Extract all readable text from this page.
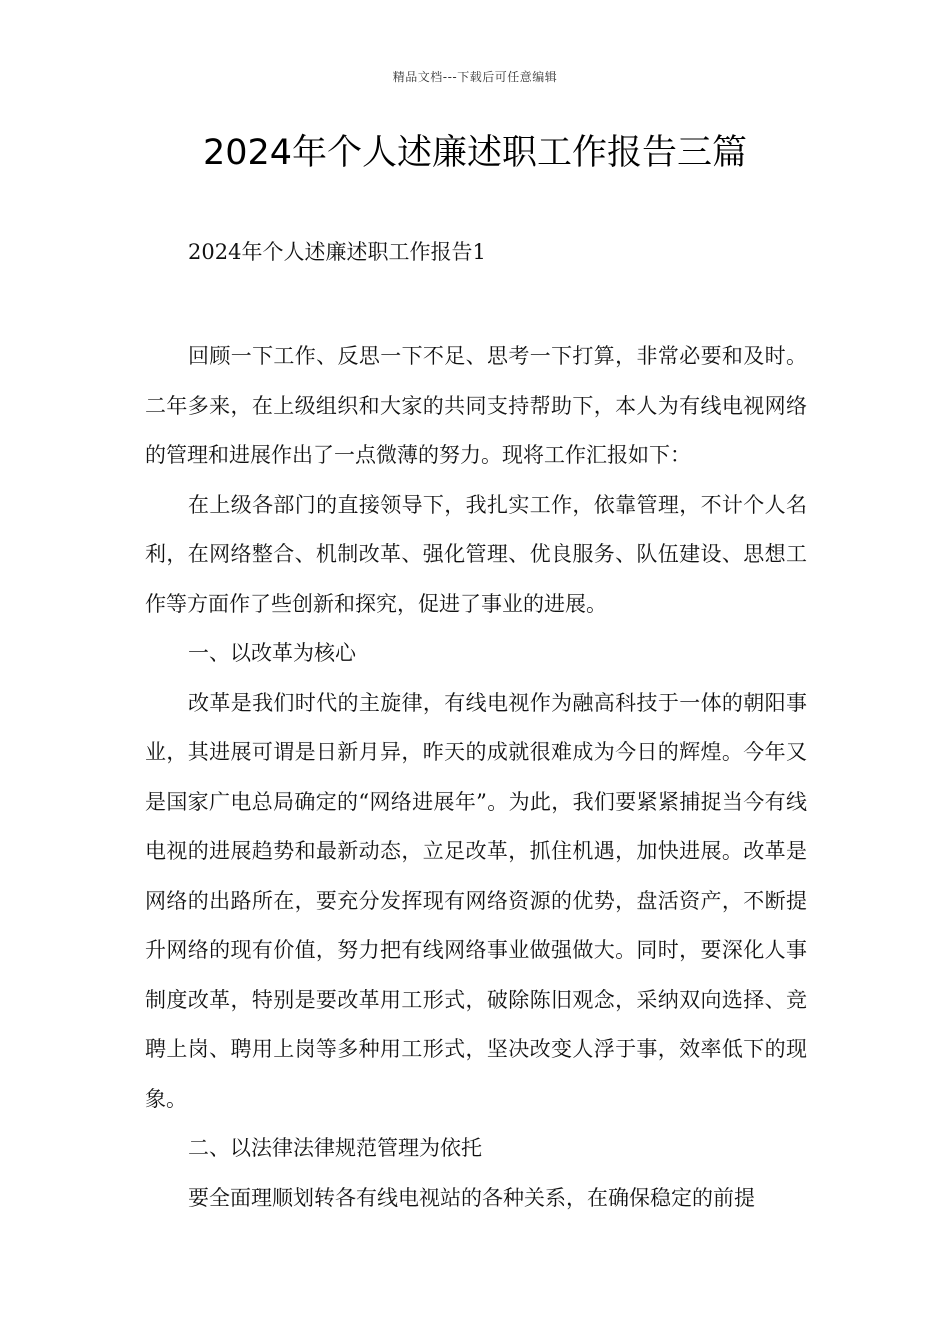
精品文档---下载后可任意编辑
2024年个人述廉述职工作报告三篇
2024年个人述廉述职工作报告1

回顾一下工作、反思一下不足、思考一下打算，非常必要和及时。二年多来，在上级组织和大家的共同支持帮助下，本人为有线电视网络的管理和进展作出了一点微薄的努力。现将工作汇报如下：

在上级各部门的直接领导下，我扎实工作，依靠管理，不计个人名利，在网络整合、机制改革、强化管理、优良服务、队伍建设、思想工作等方面作了些创新和探究，促进了事业的进展。

一、以改革为核心

改革是我们时代的主旋律，有线电视作为融高科技于一体的朝阳事业，其进展可谓是日新月异，昨天的成就很难成为今日的辉煌。今年又是国家广电总局确定的“网络进展年”。为此，我们要紧紧捕捉当今有线电视的进展趋势和最新动态，立足改革，抓住机遇，加快进展。改革是网络的出路所在，要充分发挥现有网络资源的优势，盘活资产，不断提升网络的现有价值，努力把有线网络事业做强做大。同时，要深化人事制度改革，特别是要改革用工形式，破除陈旧观念，采纳双向选择、竞聘上岗、聘用上岗等多种用工形式，坚决改变人浮于事，效率低下的现象。

二、以法律法律规范管理为依托

要全面理顺划转各有线电视站的各种关系，在确保稳定的前提
